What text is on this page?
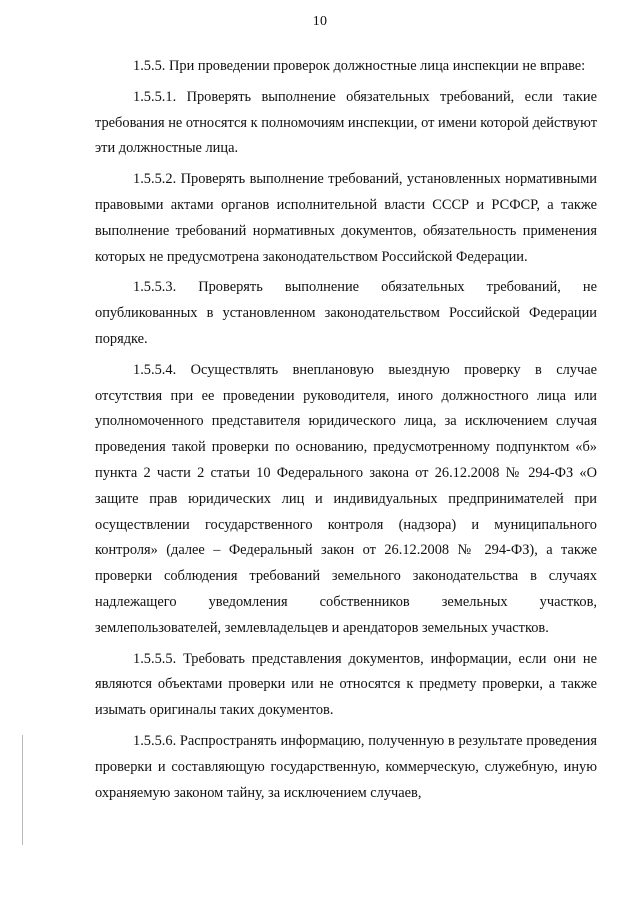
10

1.5.5. При проведении проверок должностные лица инспекции не вправе:

1.5.5.1. Проверять выполнение обязательных требований, если такие требования не относятся к полномочиям инспекции, от имени которой действуют эти должностные лица.

1.5.5.2. Проверять выполнение требований, установленных нормативными правовыми актами органов исполнительной власти СССР и РСФСР, а также выполнение требований нормативных документов, обязательность применения которых не предусмотрена законодательством Российской Федерации.

1.5.5.3. Проверять выполнение обязательных требований, не опубликованных в установленном законодательством Российской Федерации порядке.

1.5.5.4. Осуществлять внеплановую выездную проверку в случае отсутствия при ее проведении руководителя, иного должностного лица или уполномоченного представителя юридического лица, за исключением случая проведения такой проверки по основанию, предусмотренному подпунктом «б» пункта 2 части 2 статьи 10 Федерального закона от 26.12.2008 № 294-ФЗ «О защите прав юридических лиц и индивидуальных предпринимателей при осуществлении государственного контроля (надзора) и муниципального контроля» (далее – Федеральный закон от 26.12.2008 № 294-ФЗ), а также проверки соблюдения требований земельного законодательства в случаях надлежащего уведомления собственников земельных участков, землепользователей, землевладельцев и арендаторов земельных участков.

1.5.5.5. Требовать представления документов, информации, если они не являются объектами проверки или не относятся к предмету проверки, а также изымать оригиналы таких документов.

1.5.5.6. Распространять информацию, полученную в результате проведения проверки и составляющую государственную, коммерческую, служебную, иную охраняемую законом тайну, за исключением случаев,
